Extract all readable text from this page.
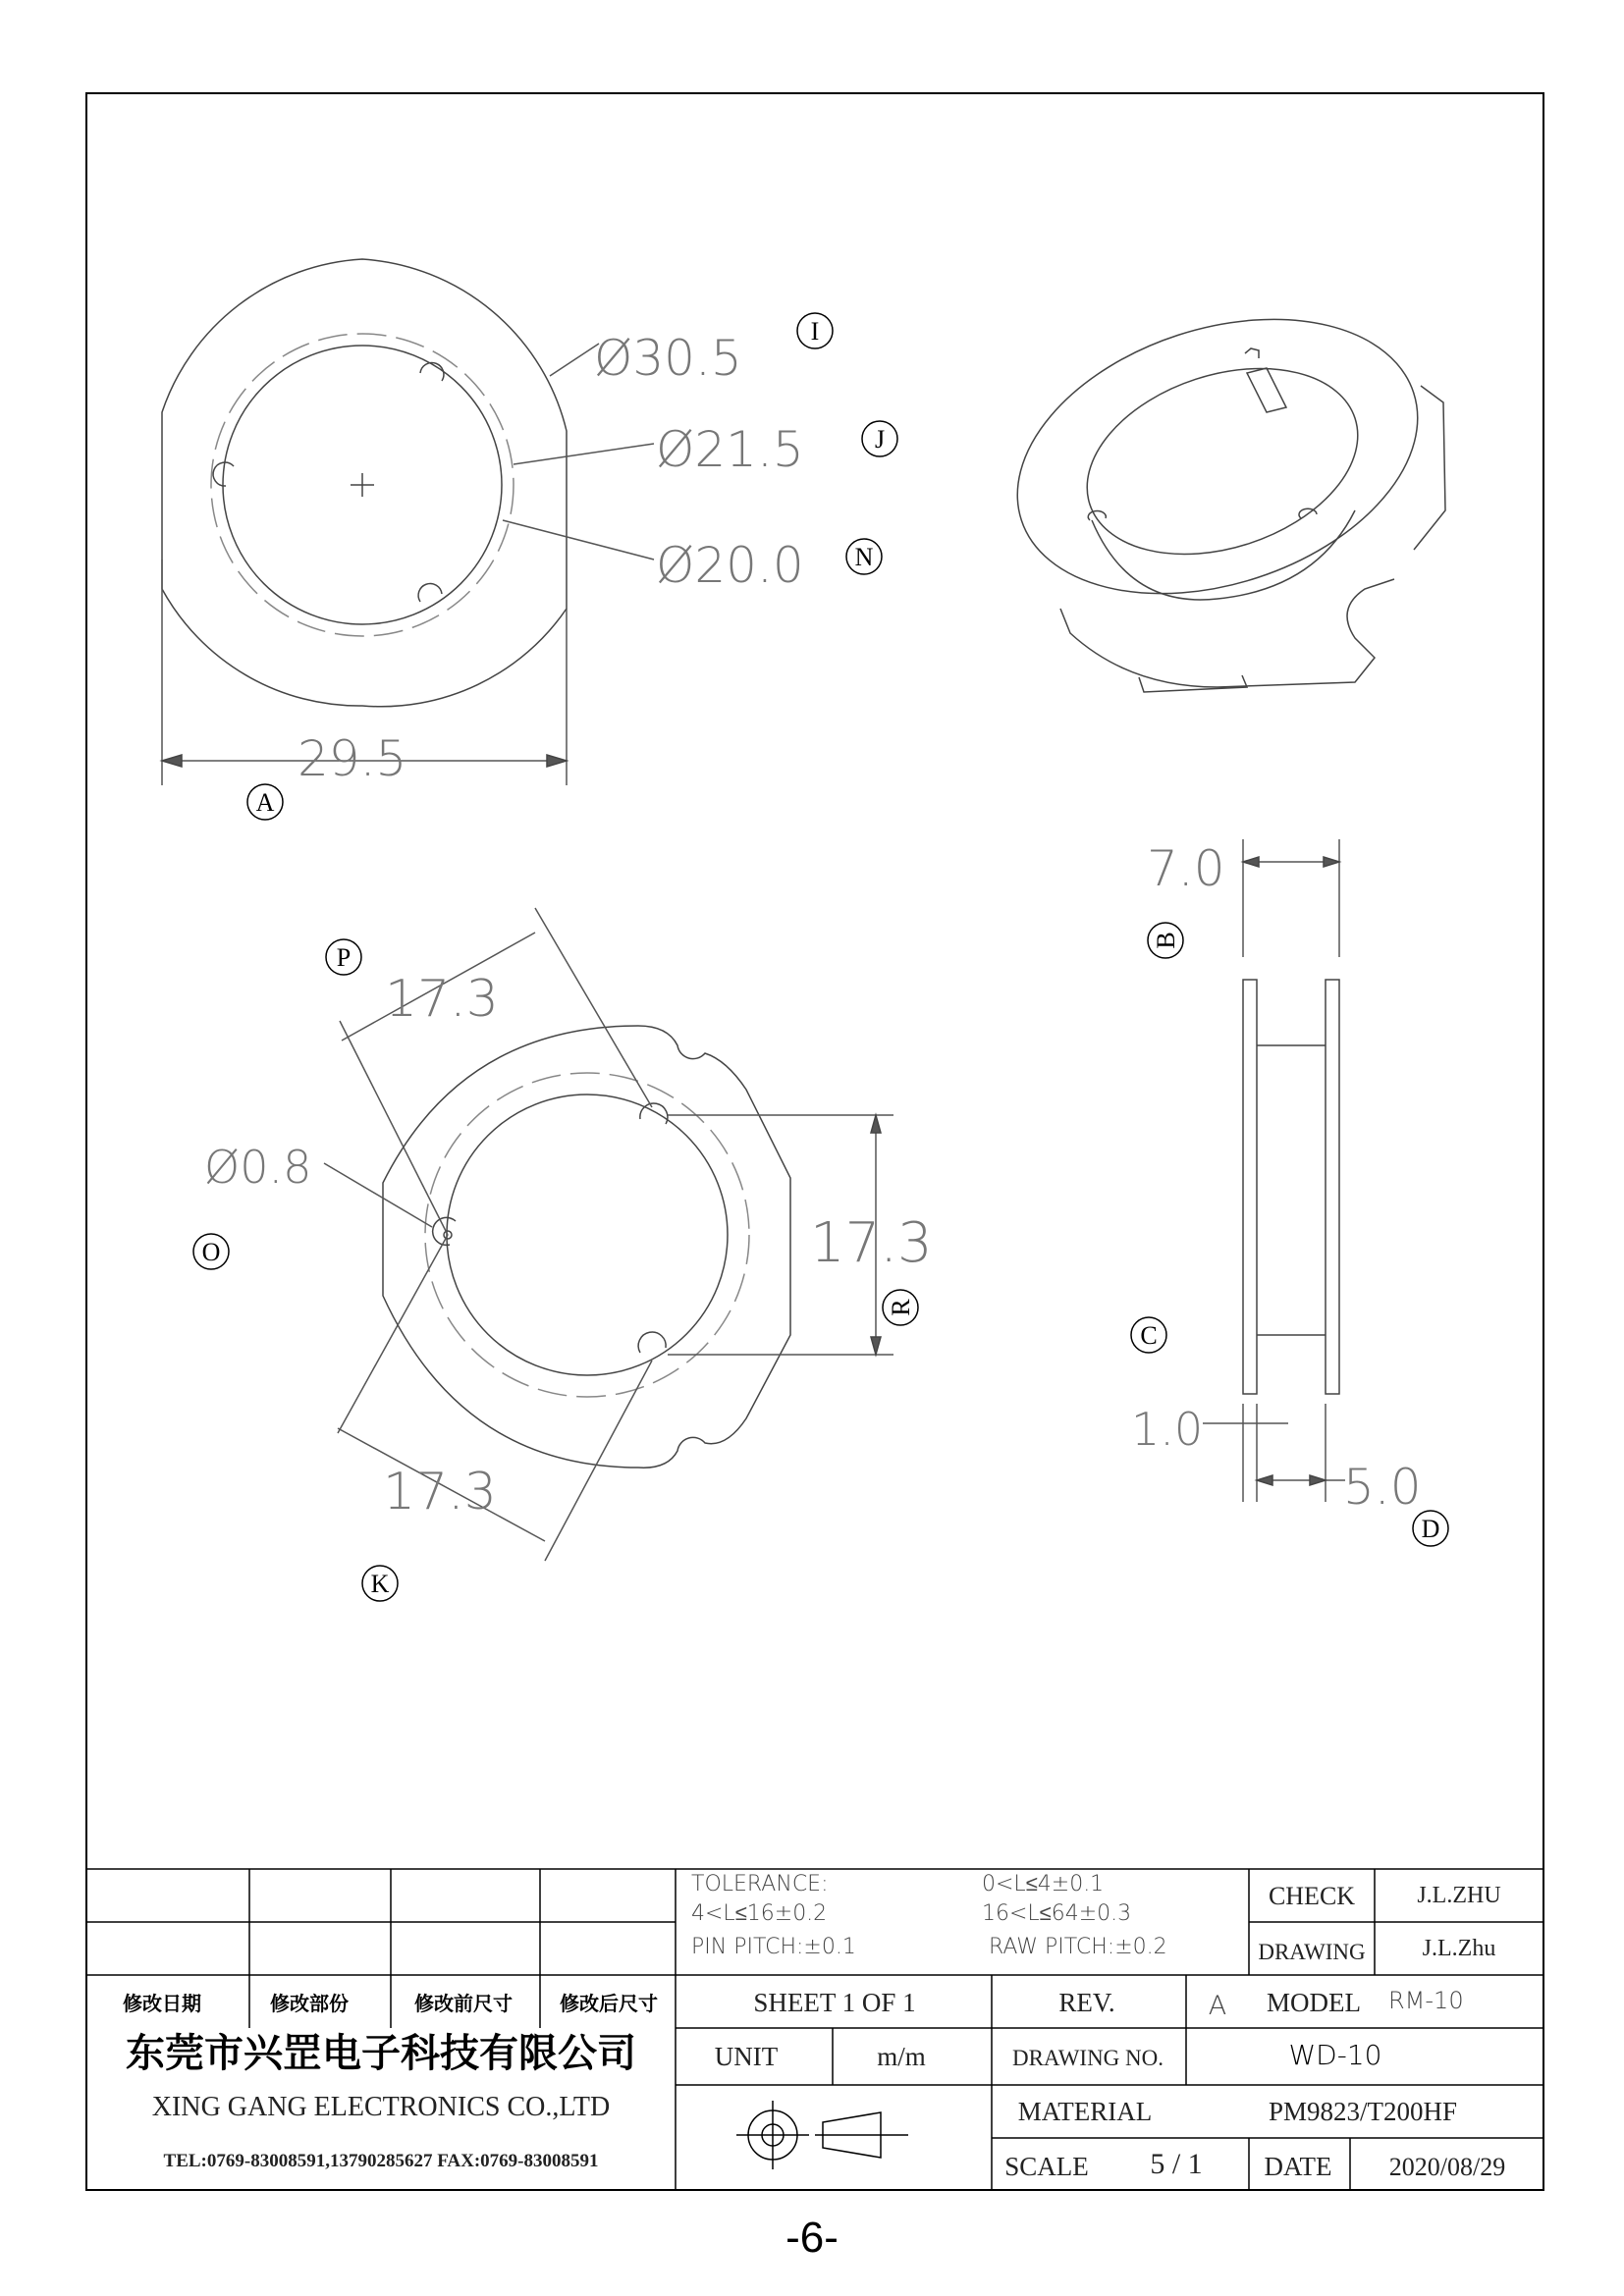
Ø30.5
Ø21.5
Ø20.0
29.5
7.0
1.0
5.0
Ø0.8
17.3
17.3
17.3
I
J
N
A
B
C
D
O
P
K
R
修改日期	修改部份	修改前尺寸 修改后尺寸
TOLERANCE:	0<L≤4±0.1
4<L≤16±0.2	16<L≤64±0.3
PIN PITCH:±0.1	RAW PITCH:±0.2
CHECK	J.L.ZHU
DRAWING J.L.Zhu
SHEET 1 OF 1	REV.	A MODEL RM-10
东莞市兴罡电子科技有限公司
XING GANG ELECTRONICS CO.,LTD
TEL:0769-83008591,13790285627 FAX:0769-83008591
UNIT	m/m	DRAWING NO.	WD-10
MATERIAL	PM9823/T200HF
SCALE 5 / 1 DATE 2020/08/29
-6-
